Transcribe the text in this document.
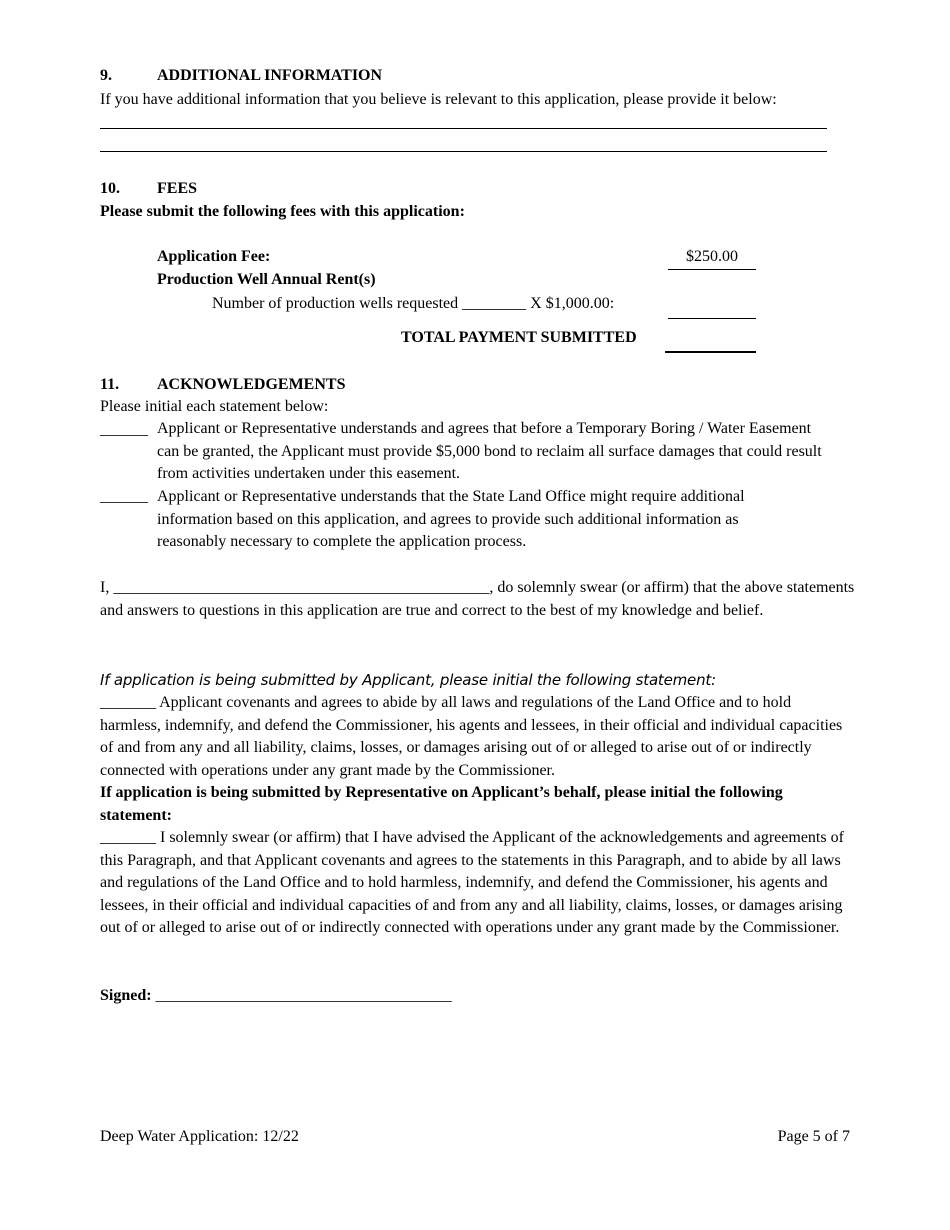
9.	ADDITIONAL INFORMATION
If you have additional information that you believe is relevant to this application, please provide it below:
10. FEES
Please submit the following fees with this application:
Application Fee:	$250.00
Production Well Annual Rent(s)
Number of production wells requested ________ X $1,000.00:
TOTAL PAYMENT SUBMITTED
11. ACKNOWLEDGEMENTS
Please initial each statement below:
______ Applicant or Representative understands and agrees that before a Temporary Boring / Water Easement can be granted, the Applicant must provide $5,000 bond to reclaim all surface damages that could result from activities undertaken under this easement.
______ Applicant or Representative understands that the State Land Office might require additional information based on this application, and agrees to provide such additional information as reasonably necessary to complete the application process.
I, _______________________________________________, do solemnly swear (or affirm) that the above statements and answers to questions in this application are true and correct to the best of my knowledge and belief.
If application is being submitted by Applicant, please initial the following statement:
_______ Applicant covenants and agrees to abide by all laws and regulations of the Land Office and to hold harmless, indemnify, and defend the Commissioner, his agents and lessees, in their official and individual capacities of and from any and all liability, claims, losses, or damages arising out of or alleged to arise out of or indirectly connected with operations under any grant made by the Commissioner.
If application is being submitted by Representative on Applicant’s behalf, please initial the following statement:
_______ I solemnly swear (or affirm) that I have advised the Applicant of the acknowledgements and agreements of this Paragraph, and that Applicant covenants and agrees to the statements in this Paragraph, and to abide by all laws and regulations of the Land Office and to hold harmless, indemnify, and defend the Commissioner, his agents and lessees, in their official and individual capacities of and from any and all liability, claims, losses, or damages arising out of or alleged to arise out of or indirectly connected with operations under any grant made by the Commissioner.
Signed: _____________________________________
Deep Water Application: 12/22	Page 5 of 7
